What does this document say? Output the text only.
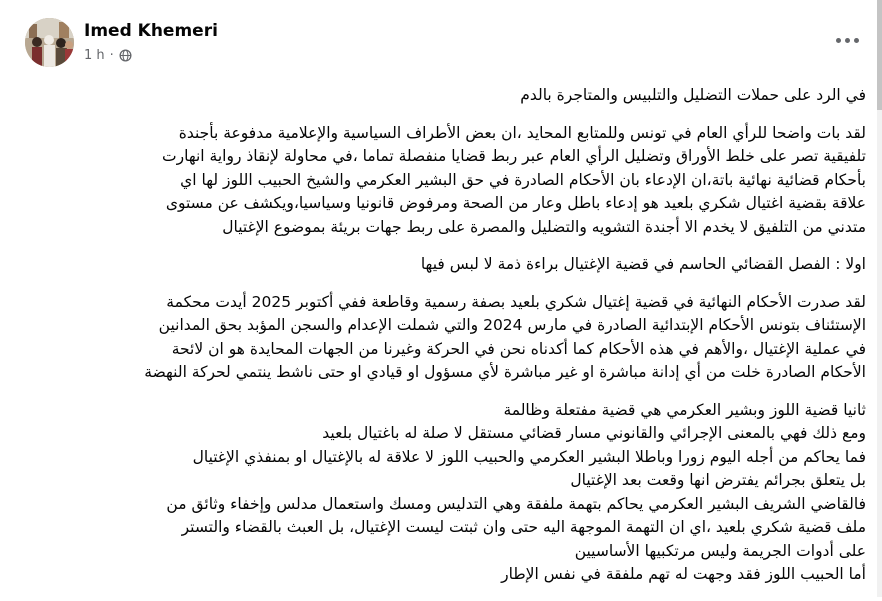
Imed Khemeri
1 h ·

في الرد على حملات التضليل والتلبيس والمتاجرة بالدم

لقد بات واضحا للرأي العام في تونس وللمتابع المحايد ،ان بعض الأطراف السياسية والإعلامية مدفوعة بأجندة
تلفيقية تصر على خلط الأوراق وتضليل الرأي العام عبر ربط قضايا منفصلة تماما ،في محاولة لإنقاذ رواية انهارت
بأحكام قضائية نهائية باتة،ان الإدعاء بان الأحكام الصادرة في حق البشير العكرمي والشيخ الحبيب اللوز لها اي
علاقة بقضية اغتيال شكري بلعيد هو إدعاء باطل وعار من الصحة ومرفوض قانونيا وسياسيا،ويكشف عن مستوى
متدني من التلفيق لا يخدم الا أجندة التشويه والتضليل والمصرة على ربط جهات بريئة بموضوع الإغتيال

اولا : الفصل القضائي الحاسم في قضية الإغتيال براءة ذمة لا لبس فيها

لقد صدرت الأحكام النهائية في قضية إغتيال شكري بلعيد بصفة رسمية وقاطعة ففي أكتوبر 2025 أيدت محكمة
الإستئناف بتونس الأحكام الإبتدائية الصادرة في مارس 2024 والتي شملت الإعدام والسجن المؤبد بحق المدانين
في عملية الإغتيال ،والأهم في هذه الأحكام كما أكدناه نحن في الحركة وغيرنا من الجهات المحايدة هو ان لائحة
الأحكام الصادرة خلت من أي إدانة مباشرة او غير مباشرة لأي مسؤول او قيادي او حتى ناشط ينتمي لحركة النهضة

ثانيا قضية اللوز وبشير العكرمي هي قضية مفتعلة وظالمة
ومع ذلك فهي بالمعنى الإجرائي والقانوني مسار قضائي مستقل لا صلة له باغتيال بلعيد
فما يحاكم من أجله اليوم زورا وباطلا البشير العكرمي والحبيب اللوز لا علاقة له بالإغتيال او بمنفذي الإغتيال
بل يتعلق بجرائم يفترض انها وقعت بعد الإغتيال
فالقاضي الشريف البشير العكرمي يحاكم بتهمة ملفقة وهي التدليس ومسك واستعمال مدلس وإخفاء وثائق من
ملف قضية شكري بلعيد ،اي ان التهمة الموجهة اليه حتى وان ثبتت ليست الإغتيال، بل العبث بالقضاء والتستر
على أدوات الجريمة وليس مرتكبيها الأساسيين
أما الحبيب اللوز فقد وجهت له تهم ملفقة في نفس الإطار
